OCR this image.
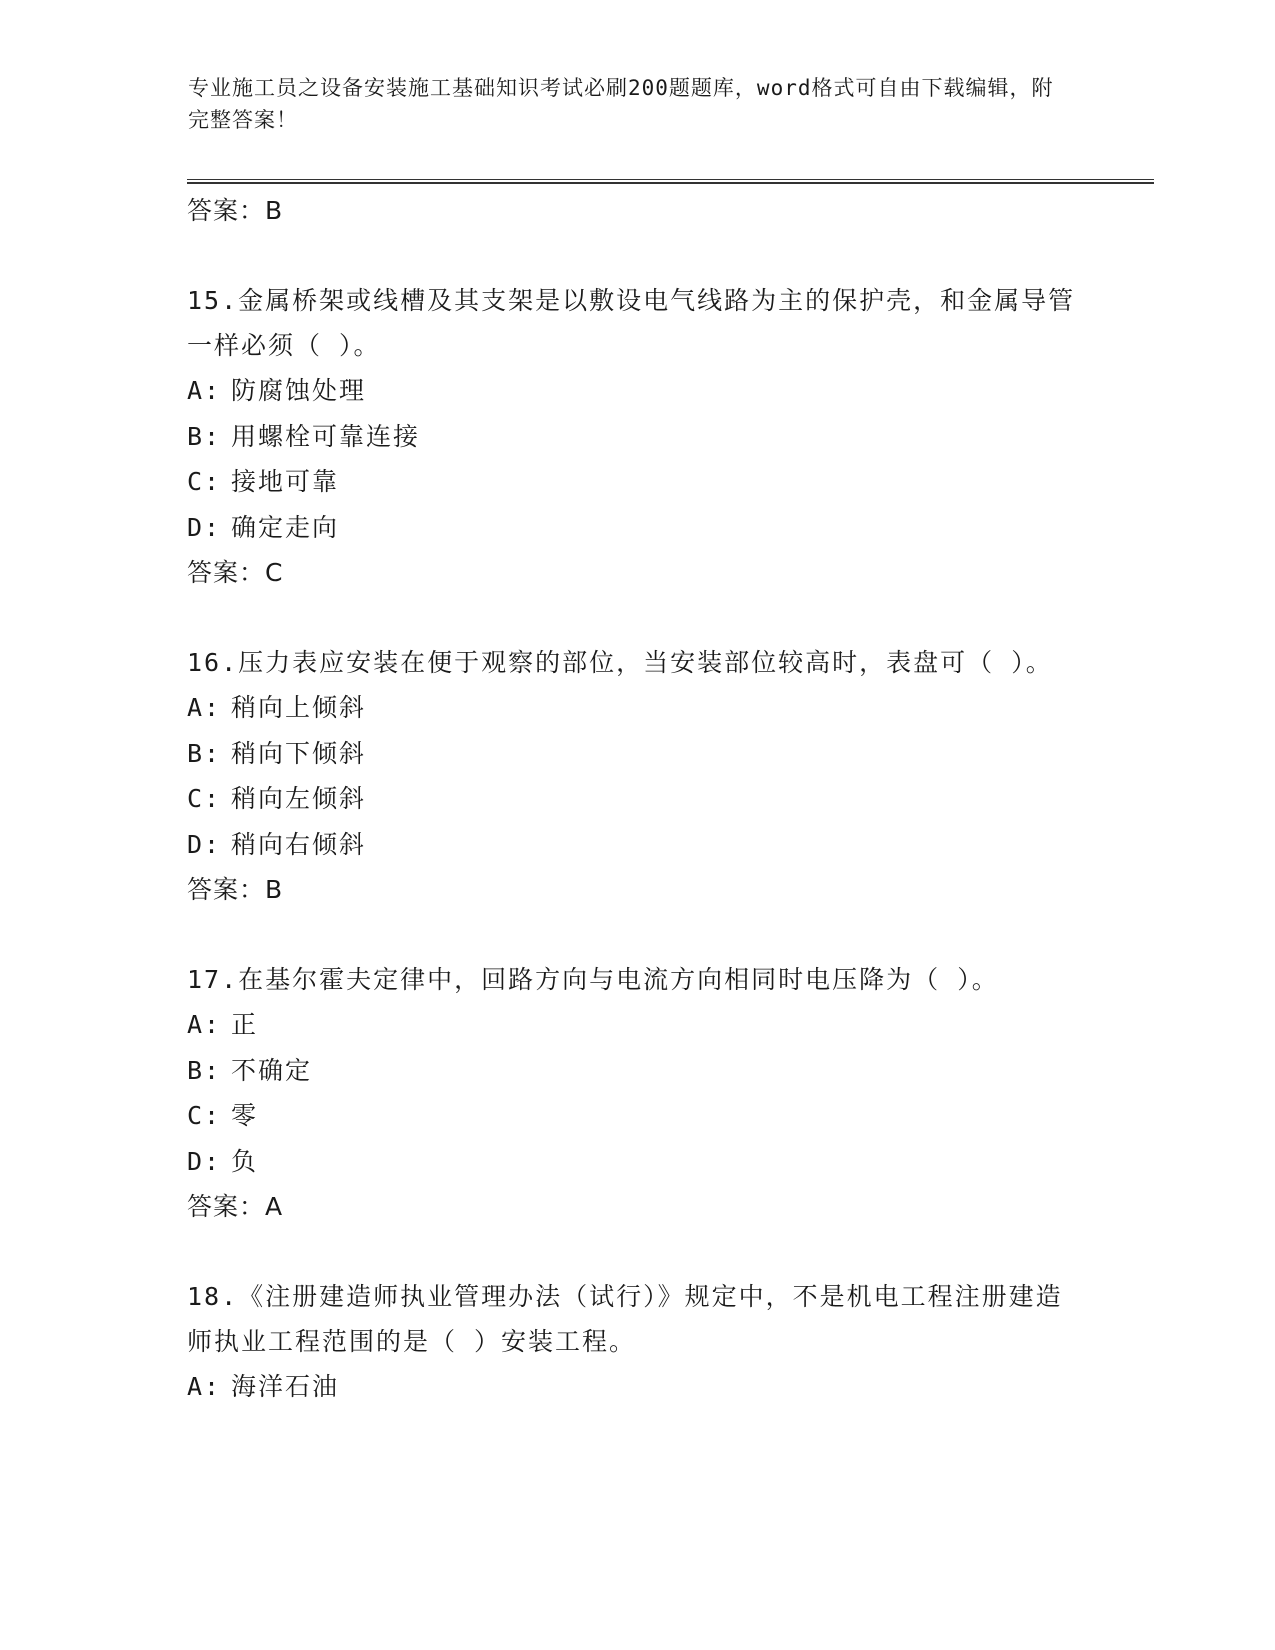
专业施工员之设备安装施工基础知识考试必刷200题题库，word格式可自由下载编辑，附完整答案！
答案：B
15.金属桥架或线槽及其支架是以敷设电气线路为主的保护壳，和金属导管一样必须（ ）。
A: 防腐蚀处理
B: 用螺栓可靠连接
C: 接地可靠
D: 确定走向
答案：C
16.压力表应安装在便于观察的部位，当安装部位较高时，表盘可（ ）。
A: 稍向上倾斜
B: 稍向下倾斜
C: 稍向左倾斜
D: 稍向右倾斜
答案：B
17.在基尔霍夫定律中，回路方向与电流方向相同时电压降为（ ）。
A: 正
B: 不确定
C: 零
D: 负
答案：A
18.《注册建造师执业管理办法（试行）》规定中，不是机电工程注册建造师执业工程范围的是（ ）安装工程。
A: 海洋石油
